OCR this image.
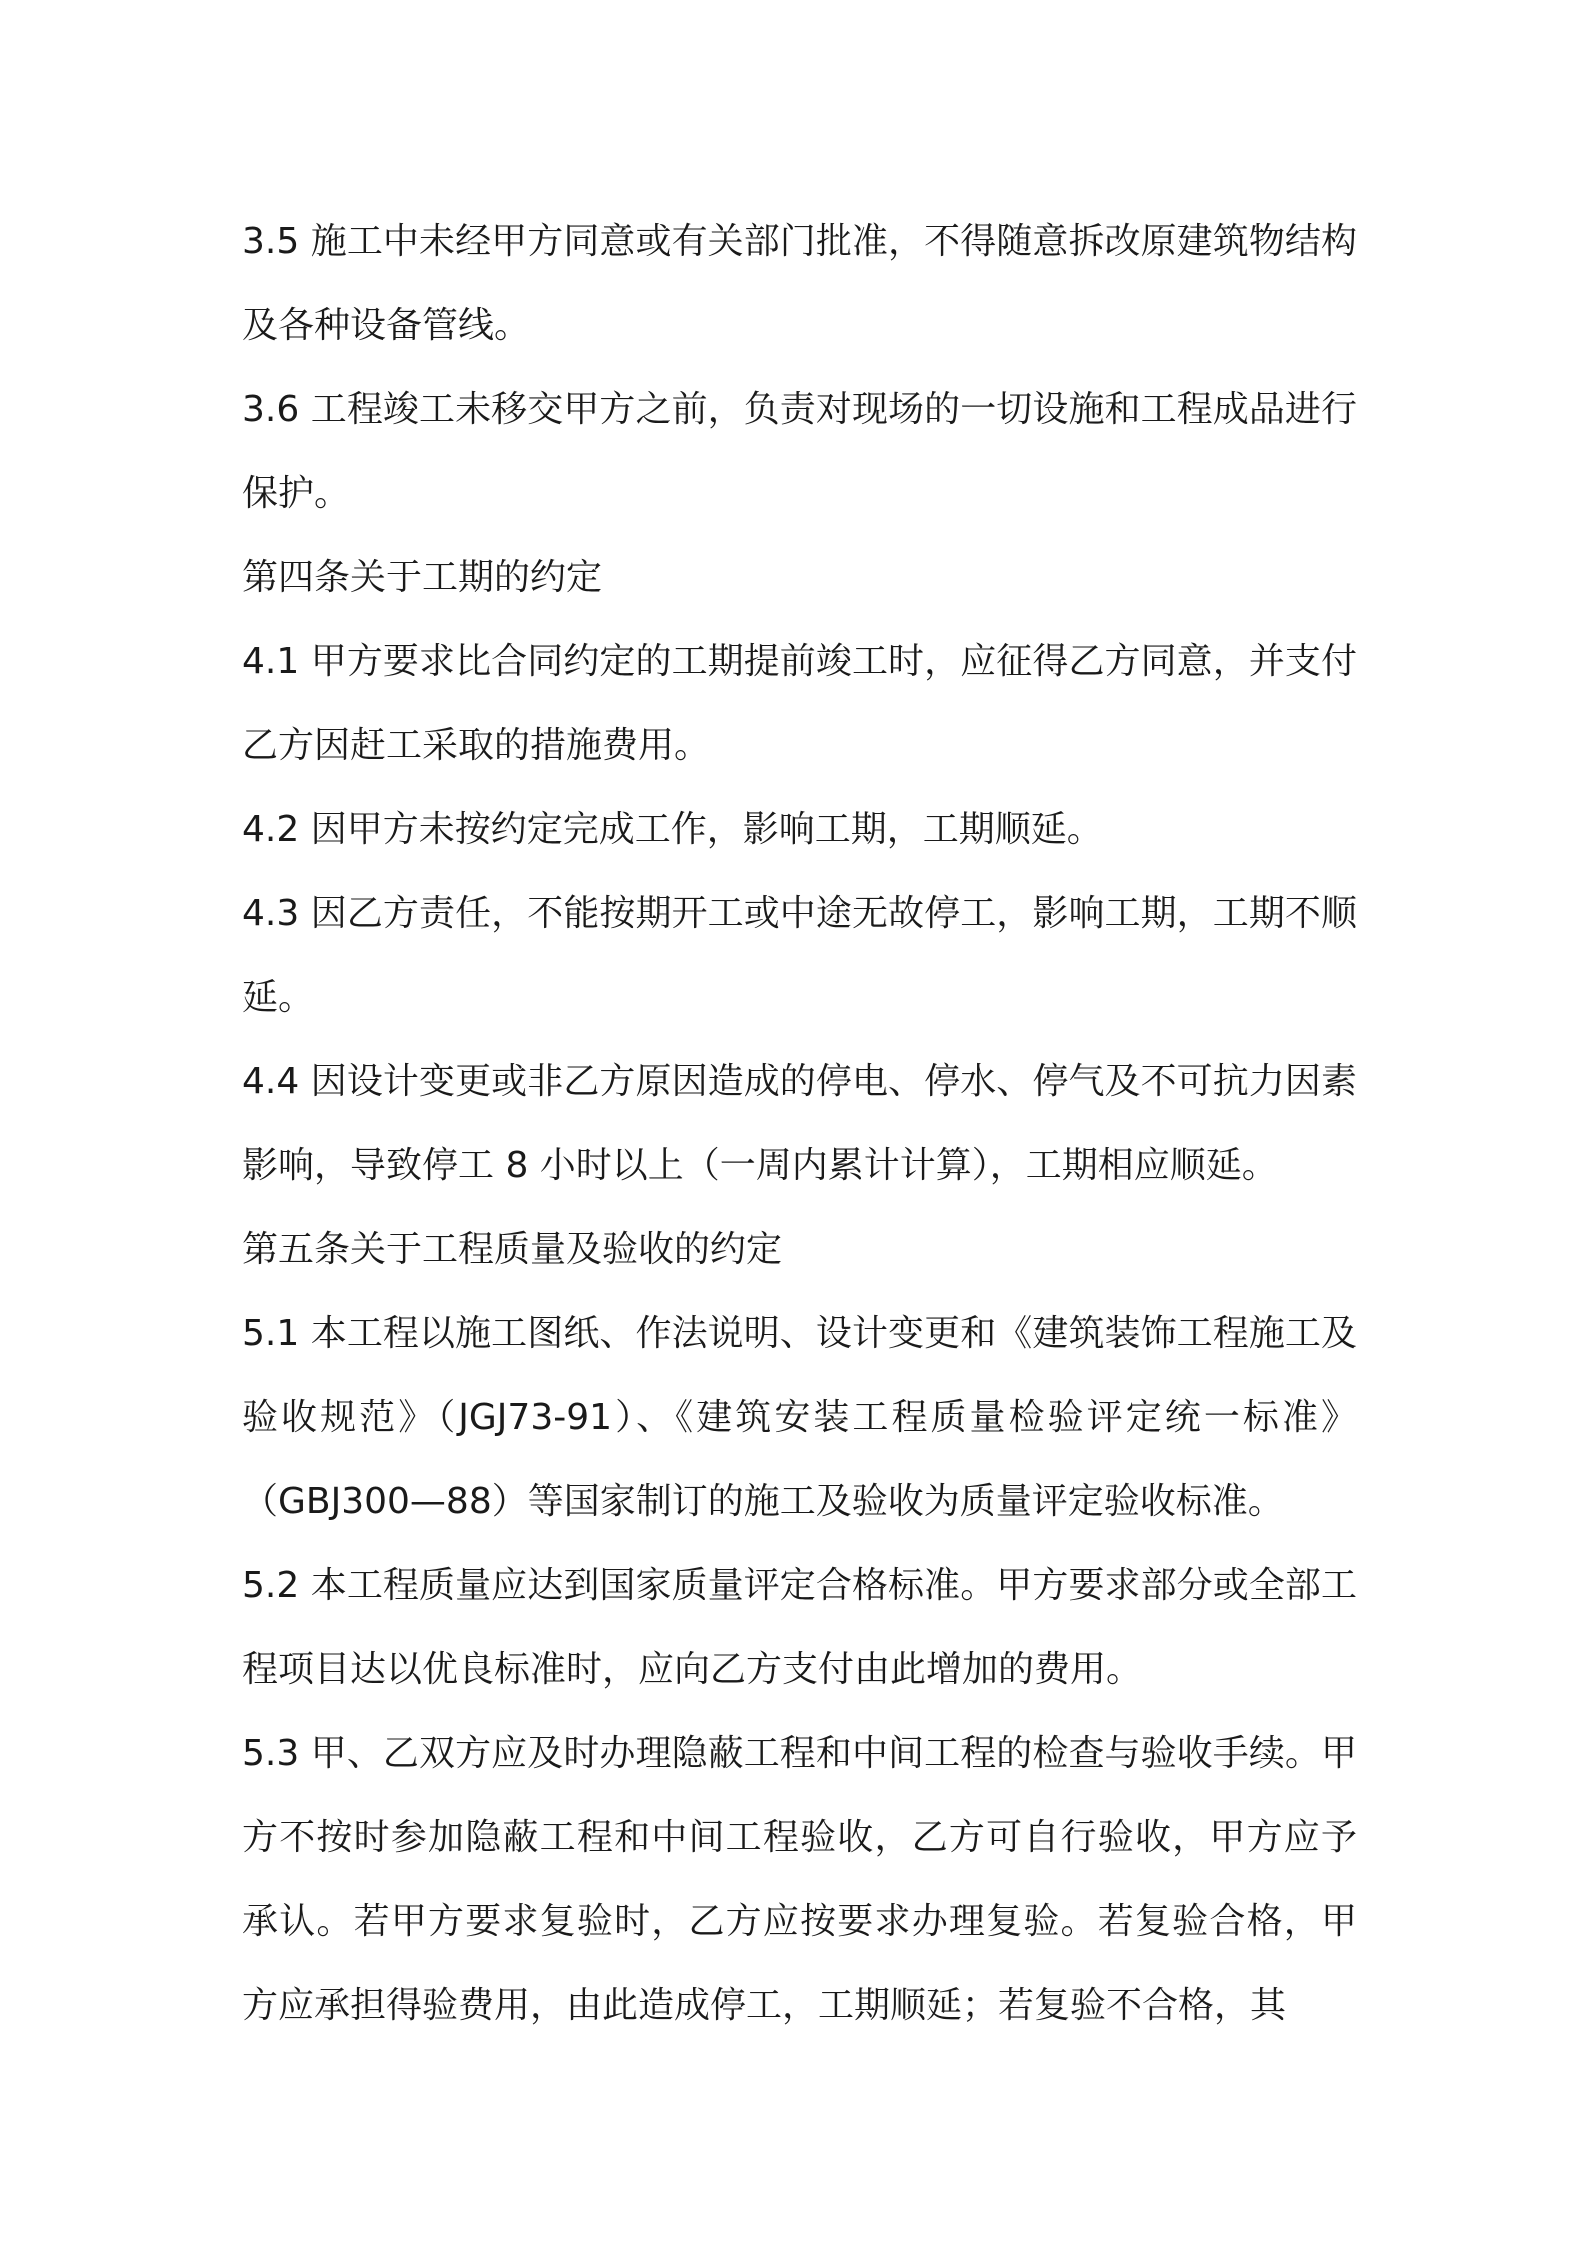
3.5 施工中未经甲方同意或有关部门批准，不得随意拆改原建筑物结构及各种设备管线。

3.6 工程竣工未移交甲方之前，负责对现场的一切设施和工程成品进行保护。

第四条关于工期的约定

4.1 甲方要求比合同约定的工期提前竣工时，应征得乙方同意，并支付乙方因赶工采取的措施费用。

4.2 因甲方未按约定完成工作，影响工期，工期顺延。

4.3 因乙方责任，不能按期开工或中途无故停工，影响工期，工期不顺延。

4.4 因设计变更或非乙方原因造成的停电、停水、停气及不可抗力因素影响，导致停工 8 小时以上（一周内累计计算），工期相应顺延。

第五条关于工程质量及验收的约定

5.1 本工程以施工图纸、作法说明、设计变更和《建筑装饰工程施工及验收规范》（JGJ73-91）、《建筑安装工程质量检验评定统一标准》（GBJ300—88）等国家制订的施工及验收为质量评定验收标准。

5.2 本工程质量应达到国家质量评定合格标准。甲方要求部分或全部工程项目达以优良标准时，应向乙方支付由此增加的费用。

5.3 甲、乙双方应及时办理隐蔽工程和中间工程的检查与验收手续。甲方不按时参加隐蔽工程和中间工程验收，乙方可自行验收，甲方应予承认。若甲方要求复验时，乙方应按要求办理复验。若复验合格，甲方应承担得验费用，由此造成停工，工期顺延；若复验不合格，其
